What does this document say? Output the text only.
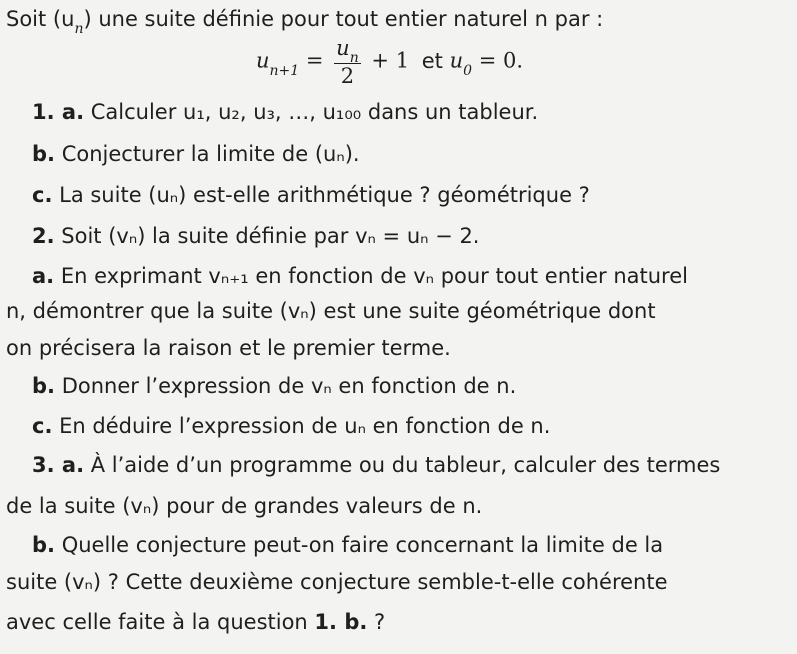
Soit $(u_n)$ une suite définie pour tout entier naturel n par :
$u_{n+1} = \frac{u_n}{2} + 1$ et $u_0 = 0$.
1. a. Calculer u₁, u₂, u₃, …, u₁₀₀ dans un tableur.
b. Conjecturer la limite de (uₙ).
c. La suite (uₙ) est-elle arithmétique ? géométrique ?
2. Soit (vₙ) la suite définie par vₙ = uₙ − 2.
a. En exprimant vₙ₊₁ en fonction de vₙ pour tout entier naturel
n, démontrer que la suite (vₙ) est une suite géométrique dont
on précisera la raison et le premier terme.
b. Donner l’expression de vₙ en fonction de n.
c. En déduire l’expression de uₙ en fonction de n.
3. a. À l’aide d’un programme ou du tableur, calculer des termes
de la suite (vₙ) pour de grandes valeurs de n.
b. Quelle conjecture peut-on faire concernant la limite de la
suite (vₙ) ? Cette deuxième conjecture semble-t-elle cohérente
avec celle faite à la question 1. b. ?
